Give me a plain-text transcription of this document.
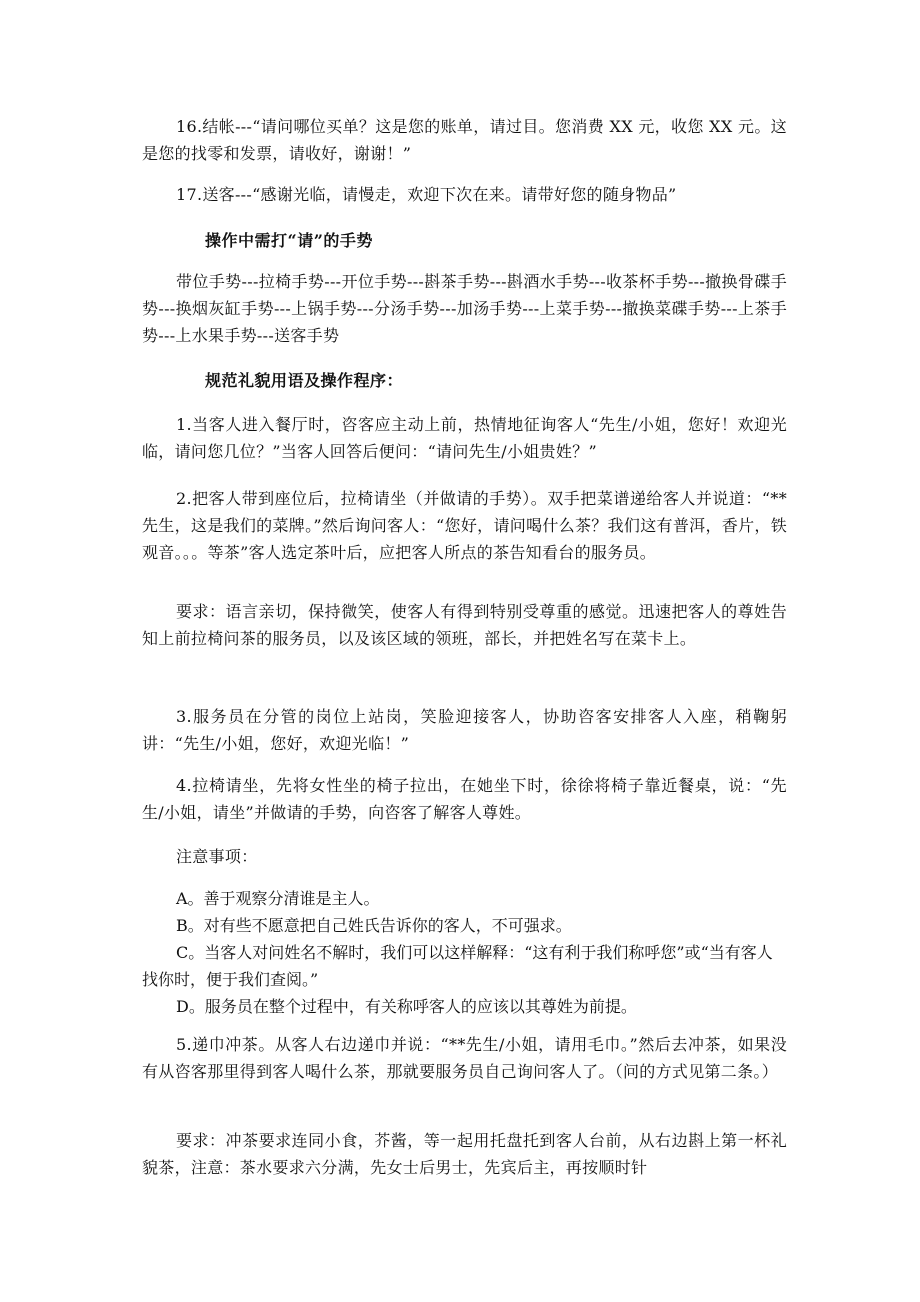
16.结帐---“请问哪位买单？这是您的账单，请过目。您消费 XX 元，收您 XX 元。这是您的找零和发票，请收好，谢谢！”

17.送客---“感谢光临，请慢走，欢迎下次在来。请带好您的随身物品”

操作中需打“请”的手势

带位手势---拉椅手势---开位手势---斟茶手势---斟酒水手势---收茶杯手势---撤换骨碟手势---换烟灰缸手势---上锅手势---分汤手势---加汤手势---上菜手势---撤换菜碟手势---上茶手势---上水果手势---送客手势

规范礼貌用语及操作程序：

1.当客人进入餐厅时，咨客应主动上前，热情地征询客人“先生/小姐，您好！欢迎光临，请问您几位？”当客人回答后便问：“请问先生/小姐贵姓？”

2.把客人带到座位后，拉椅请坐（并做请的手势）。双手把菜谱递给客人并说道：“**先生，这是我们的菜牌。”然后询问客人：“您好，请问喝什么茶？我们这有普洱，香片，铁观音。。。等茶”客人选定茶叶后，应把客人所点的茶告知看台的服务员。

要求：语言亲切，保持微笑，使客人有得到特别受尊重的感觉。迅速把客人的尊姓告知上前拉椅问茶的服务员，以及该区域的领班，部长，并把姓名写在菜卡上。

3.服务员在分管的岗位上站岗，笑脸迎接客人，协助咨客安排客人入座，稍鞠躬讲：“先生/小姐，您好，欢迎光临！”

4.拉椅请坐，先将女性坐的椅子拉出，在她坐下时，徐徐将椅子靠近餐桌，说：“先生/小姐，请坐”并做请的手势，向咨客了解客人尊姓。

注意事项：

A。善于观察分清谁是主人。
B。对有些不愿意把自己姓氏告诉你的客人，不可强求。
C。当客人对问姓名不解时，我们可以这样解释：“这有利于我们称呼您”或“当有客人找你时，便于我们查阅。”
D。服务员在整个过程中，有关称呼客人的应该以其尊姓为前提。

5.递巾冲茶。从客人右边递巾并说：“**先生/小姐，请用毛巾。”然后去冲茶，如果没有从咨客那里得到客人喝什么茶，那就要服务员自己询问客人了。（问的方式见第二条。）

要求：冲茶要求连同小食，芥酱，等一起用托盘托到客人台前，从右边斟上第一杯礼貌茶，注意：茶水要求六分满，先女士后男士，先宾后主，再按顺时针
